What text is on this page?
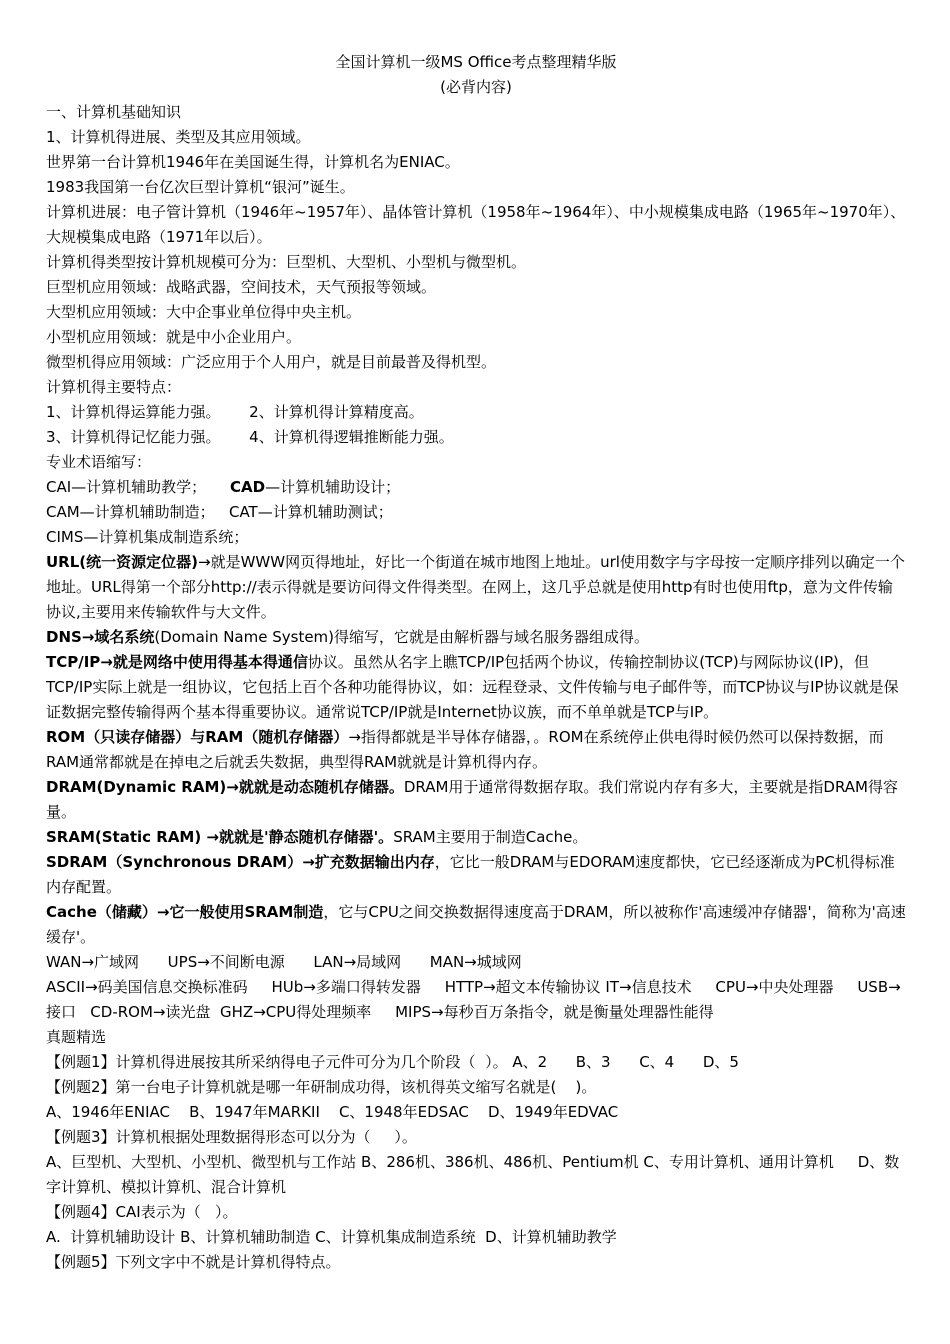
全国计算机一级MS Office考点整理精华版
(必背内容)

一、计算机基础知识

1、计算机得进展、类型及其应用领域。

世界第一台计算机1946年在美国诞生得，计算机名为ENIAC。

1983我国第一台亿次巨型计算机“银河”诞生。

计算机进展：电子管计算机（1946年~1957年）、晶体管计算机（1958年~1964年）、中小规模集成电路（1965年~1970年）、大规模集成电路（1971年以后）。

计算机得类型按计算机规模可分为：巨型机、大型机、小型机与微型机。

巨型机应用领域：战略武器，空间技术，天气预报等领域。

大型机应用领域：大中企事业单位得中央主机。

小型机应用领域：就是中小企业用户。

微型机得应用领域：广泛应用于个人用户，就是目前最普及得机型。

计算机得主要特点：

1、计算机得运算能力强。      2、计算机得计算精度高。

3、计算机得记忆能力强。      4、计算机得逻辑推断能力强。

专业术语缩写：

CAI—计算机辅助教学；     CAD—计算机辅助设计；

CAM—计算机辅助制造；   CAT—计算机辅助测试；

CIMS—计算机集成制造系统；

URL(统一资源定位器)→就是WWW网页得地址，好比一个街道在城市地图上地址。url使用数字与字母按一定顺序排列以确定一个地址。URL得第一个部分http://表示得就是要访问得文件得类型。在网上，这几乎总就是使用http有时也使用ftp，意为文件传输协议,主要用来传输软件与大文件。

DNS→域名系统(Domain Name System)得缩写，它就是由解析器与域名服务器组成得。

TCP/IP→就是网络中使用得基本得通信协议。虽然从名字上瞧TCP/IP包括两个协议，传输控制协议(TCP)与网际协议(IP)，但TCP/IP实际上就是一组协议，它包括上百个各种功能得协议，如：远程登录、文件传输与电子邮件等，而TCP协议与IP协议就是保证数据完整传输得两个基本得重要协议。通常说TCP/IP就是Internet协议族，而不单单就是TCP与IP。

ROM（只读存储器）与RAM（随机存储器）→指得都就是半导体存储器，。ROM在系统停止供电得时候仍然可以保持数据，而RAM通常都就是在掉电之后就丢失数据，典型得RAM就就是计算机得内存。

DRAM(Dynamic RAM)→就就是动态随机存储器。DRAM用于通常得数据存取。我们常说内存有多大，主要就是指DRAM得容量。

SRAM(Static RAM) →就就是'静态随机存储器'。SRAM主要用于制造Cache。

SDRAM（Synchronous DRAM）→扩充数据输出内存，它比一般DRAM与EDORAM速度都快，它已经逐渐成为PC机得标准内存配置。

Cache（储藏）→它一般使用SRAM制造，它与CPU之间交换数据得速度高于DRAM，所以被称作'高速缓冲存储器'，简称为'高速缓存'。

WAN→广域网      UPS→不间断电源      LAN→局域网      MAN→城域网

ASCII→码美国信息交换标准码     HUb→多端口得转发器     HTTP→超文本传输协议 IT→信息技术     CPU→中央处理器     USB→接口   CD-ROM→读光盘  GHZ→CPU得处理频率     MIPS→每秒百万条指令，就是衡量处理器性能得

真题精选

【例题1】计算机得进展按其所采纳得电子元件可分为几个阶段（  ）。 A、2      B、3      C、4      D、5

【例题2】第一台电子计算机就是哪一年研制成功得，该机得英文缩写名就是(    )。

A、1946年ENIAC    B、1947年MARKII    C、1948年EDSAC    D、1949年EDVAC

【例题3】计算机根据处理数据得形态可以分为（     ）。

A、巨型机、大型机、小型机、微型机与工作站 B、286机、386机、486机、Pentium机 C、专用计算机、通用计算机     D、数字计算机、模拟计算机、混合计算机

【例题4】CAⅠ表示为（   ）。

A.  计算机辅助设计 B、计算机辅助制造 C、计算机集成制造系统  D、计算机辅助教学

【例题5】下列文字中不就是计算机得特点。
